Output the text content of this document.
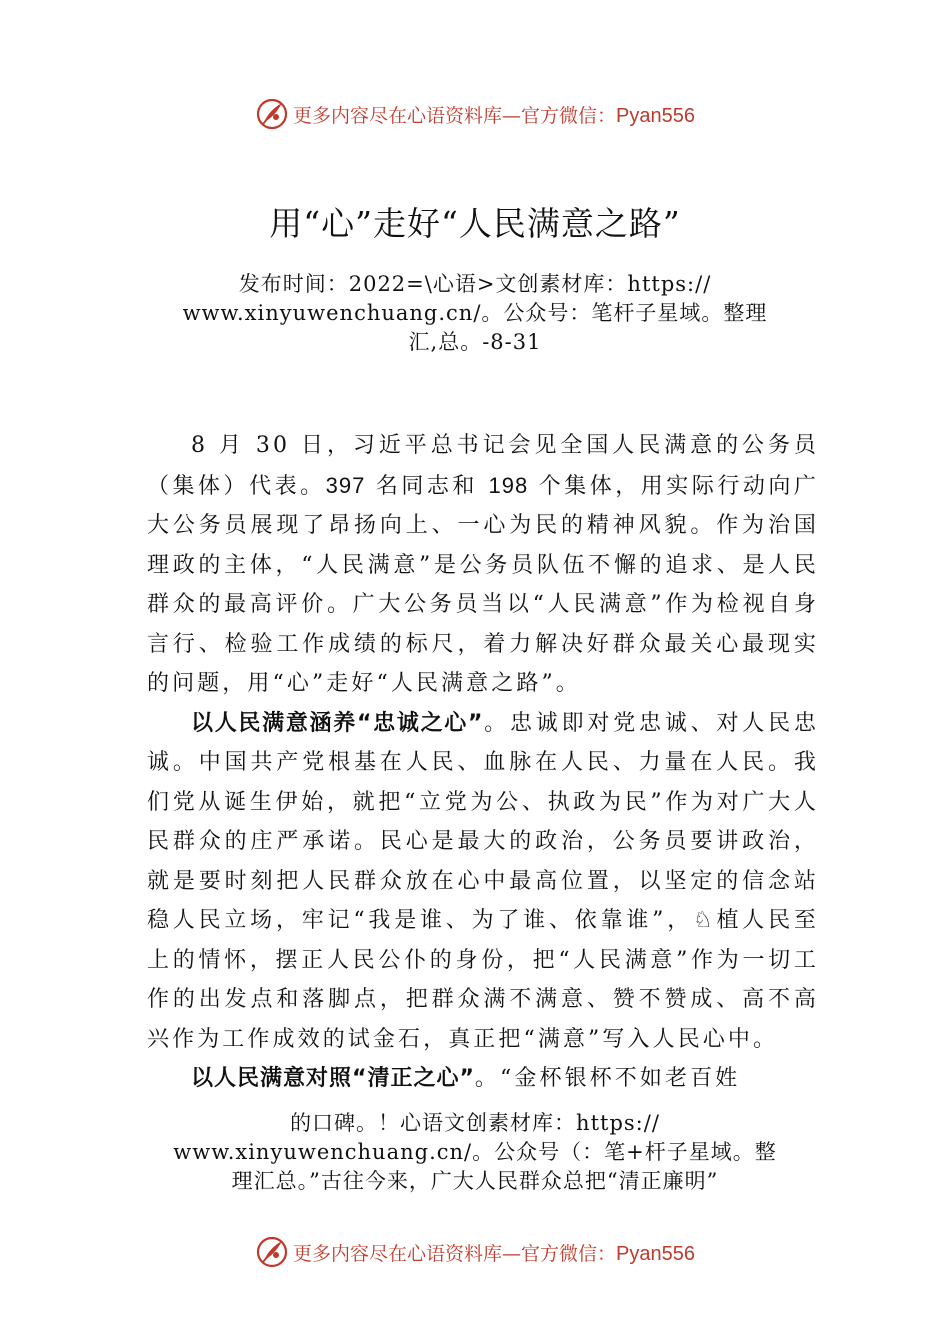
更多内容尽在心语资料库—官方微信：Pyan556
用“心”走好“人民满意之路”
发布时间：2022=\心语>文创素材库：https://
www.xinyuwenchuang.cn/。公众号：笔杆子星域。整理
汇,总。-8-31

8 月 30 日，习近平总书记会见全国人民满意的公务员（集体）代表。397 名同志和 198 个集体，用实际行动向广大公务员展现了昂扬向上、一心为民的精神风貌。作为治国理政的主体，“人民满意”是公务员队伍不懈的追求、是人民群众的最高评价。广大公务员当以“人民满意”作为检视自身言行、检验工作成绩的标尺，着力解决好群众最关心最现实的问题，用“心”走好“人民满意之路”。

以人民满意涵养“忠诚之心”。忠诚即对党忠诚、对人民忠诚。中国共产党根基在人民、血脉在人民、力量在人民。我们党从诞生伊始，就把“立党为公、执政为民”作为对广大人民群众的庄严承诺。民心是最大的政治，公务员要讲政治，就是要时刻把人民群众放在心中最高位置，以坚定的信念站稳人民立场，牢记“我是谁、为了谁、依靠谁”，♘植人民至上的情怀，摆正人民公仆的身份，把“人民满意”作为一切工作的出发点和落脚点，把群众满不满意、赞不赞成、高不高兴作为工作成效的试金石，真正把“满意”写入人民心中。

以人民满意对照“清正之心”。“金杯银杯不如老百姓

的口碑。！心语文创素材库：https://
www.xinyuwenchuang.cn/。公众号（：笔+杆子星域。整
理汇总。”古往今来，广大人民群众总把“清正廉明”
更多内容尽在心语资料库—官方微信：Pyan556
